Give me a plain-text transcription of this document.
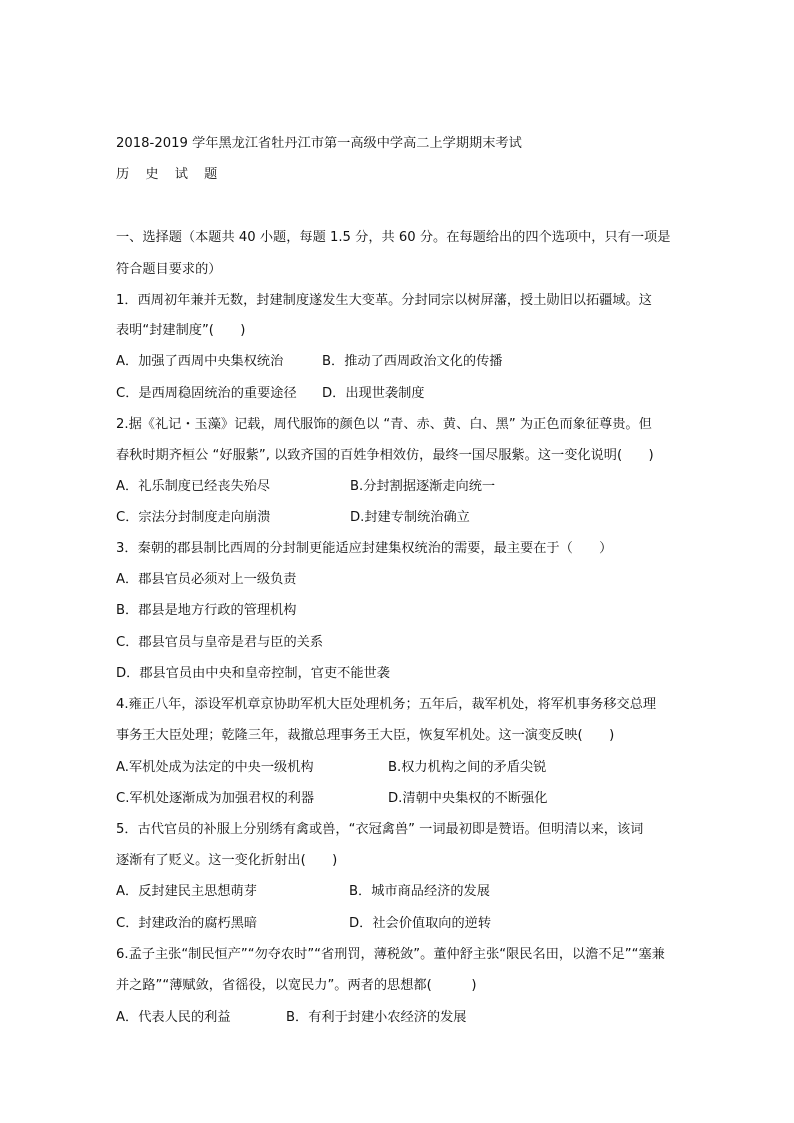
2018-2019 学年黑龙江省牡丹江市第一高级中学高二上学期期末考试
历 史 试 题
一、选择题（本题共 40 小题，每题 1.5 分，共 60 分。在每题给出的四个选项中，只有一项是
符合题目要求的）
1．西周初年兼并无数，封建制度遂发生大变革。分封同宗以树屏藩，授土勋旧以拓疆域。这
表明“封建制度”(　　)
A．加强了西周中央集权统治	B．推动了西周政治文化的传播
C．是西周稳固统治的重要途径 D．出现世袭制度
2.据《礼记・玉藻》记载，周代服饰的颜色以 “青、赤、黄、白、黑” 为正色而象征尊贵。但
春秋时期齐桓公 “好服紫”, 以致齐国的百姓争相效仿，最终一国尽服紫。这一变化说明(　　)
A．礼乐制度已经丧失殆尽	B.分封割据逐渐走向统一
C．宗法分封制度走向崩溃	D.封建专制统治确立
3．秦朝的郡县制比西周的分封制更能适应封建集权统治的需要，最主要在于（　　）
A．郡县官员必须对上一级负责
B．郡县是地方行政的管理机构
C．郡县官员与皇帝是君与臣的关系
D．郡县官员由中央和皇帝控制，官吏不能世袭
4.雍正八年，添设军机章京协助军机大臣处理机务；五年后，裁军机处，将军机事务移交总理
事务王大臣处理；乾隆三年，裁撤总理事务王大臣，恢复军机处。这一演变反映(　　)
A.军机处成为法定的中央一级机构	B.权力机构之间的矛盾尖锐
C.军机处逐渐成为加强君权的利器	D.清朝中央集权的不断强化
5．古代官员的补服上分别绣有禽或兽，“衣冠禽兽” 一词最初即是赞语。但明清以来，该词
逐渐有了贬义。这一变化折射出(　　)
A．反封建民主思想萌芽	B．城市商品经济的发展
C．封建政治的腐朽黑暗	D．社会价值取向的逆转
6.孟子主张“制民恒产”“勿夺农时”“省刑罚，薄税敛”。董仲舒主张“限民名田，以澹不足”“塞兼
并之路”“薄赋敛，省徭役，以宽民力”。两者的思想都(　　　)
A．代表人民的利益	B．有利于封建小农经济的发展
